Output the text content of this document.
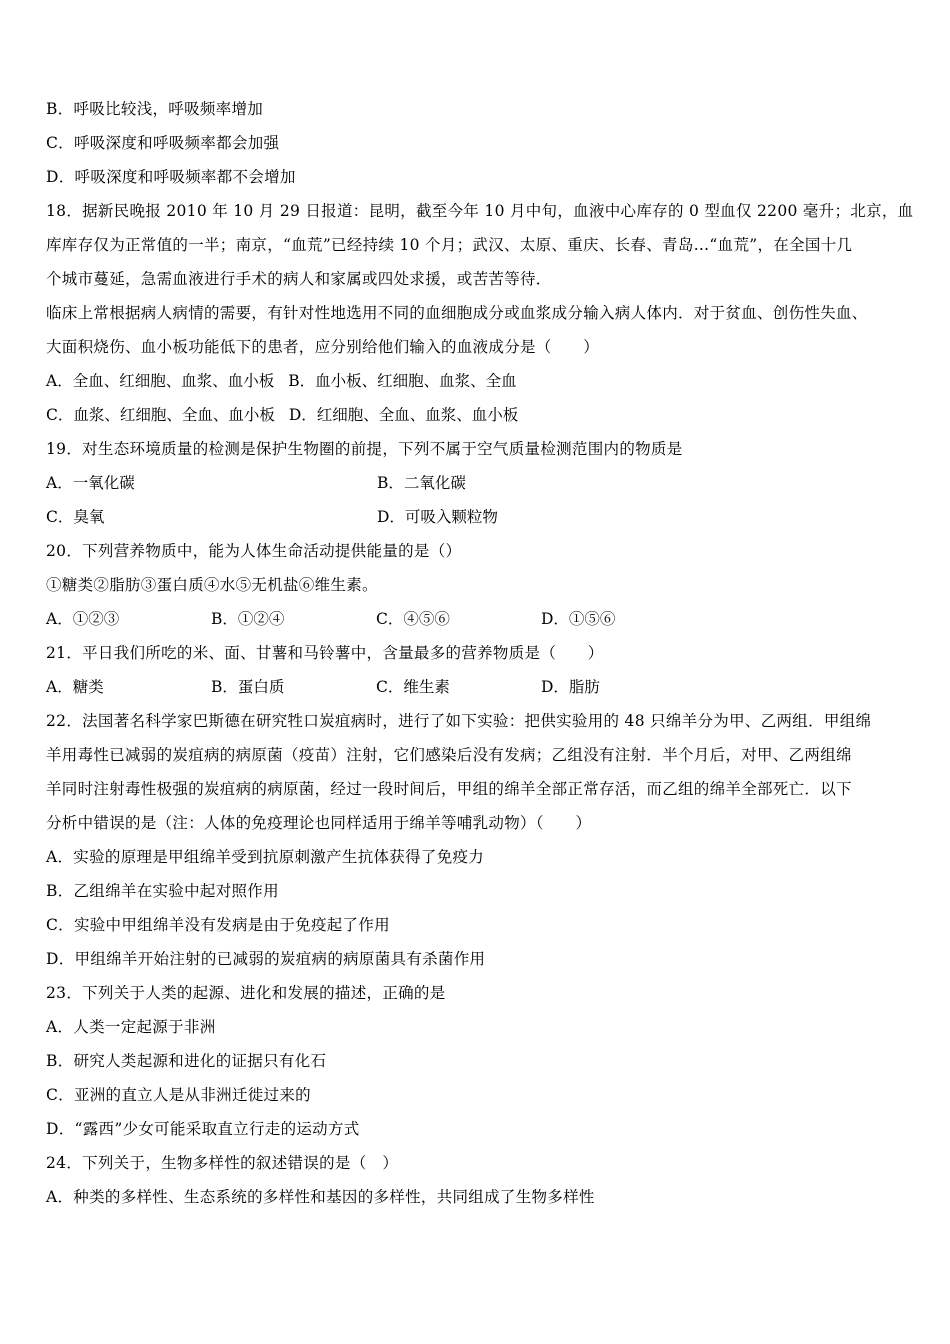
B．呼吸比较浅，呼吸频率增加
C．呼吸深度和呼吸频率都会加强
D．呼吸深度和呼吸频率都不会增加
18．据新民晚报 2010 年 10 月 29 日报道：昆明，截至今年 10 月中旬，血液中心库存的 0 型血仅 2200 毫升；北京，血
库库存仅为正常值的一半；南京，“血荒”已经持续 10 个月；武汉、太原、重庆、长春、青岛…“血荒”，在全国十几
个城市蔓延，急需血液进行手术的病人和家属或四处求援，或苦苦等待．
临床上常根据病人病情的需要，有针对性地选用不同的血细胞成分或血浆成分输入病人体内．对于贫血、创伤性失血、
大面积烧伤、血小板功能低下的患者，应分别给他们输入的血液成分是（　　）
A．全血、红细胞、血浆、血小板 B．血小板、红细胞、血浆、全血
C．血浆、红细胞、全血、血小板 D．红细胞、全血、血浆、血小板
19．对生态环境质量的检测是保护生物圈的前提，下列不属于空气质量检测范围内的物质是
A．一氧化碳	B．二氧化碳
C．臭氧	D．可吸入颗粒物
20．下列营养物质中，能为人体生命活动提供能量的是（）
①糖类②脂肪③蛋白质④水⑤无机盐⑥维生素。
A．①②③	B．①②④	C．④⑤⑥	D．①⑤⑥
21．平日我们所吃的米、面、甘薯和马铃薯中，含量最多的营养物质是（　　）
A．糖类	B．蛋白质	C．维生素	D．脂肪
22．法国著名科学家巴斯德在研究牲口炭疽病时，进行了如下实验：把供实验用的 48 只绵羊分为甲、乙两组．甲组绵
羊用毒性已减弱的炭疽病的病原菌（疫苗）注射，它们感染后没有发病；乙组没有注射．半个月后，对甲、乙两组绵
羊同时注射毒性极强的炭疽病的病原菌，经过一段时间后，甲组的绵羊全部正常存活，而乙组的绵羊全部死亡．以下
分析中错误的是（注：人体的免疫理论也同样适用于绵羊等哺乳动物）（　　）
A．实验的原理是甲组绵羊受到抗原刺激产生抗体获得了免疫力
B．乙组绵羊在实验中起对照作用
C．实验中甲组绵羊没有发病是由于免疫起了作用
D．甲组绵羊开始注射的已减弱的炭疽病的病原菌具有杀菌作用
23．下列关于人类的起源、进化和发展的描述，正确的是
A．人类一定起源于非洲
B．研究人类起源和进化的证据只有化石
C．亚洲的直立人是从非洲迁徙过来的
D．“露西”少女可能采取直立行走的运动方式
24．下列关于，生物多样性的叙述错误的是（　）
A．种类的多样性、生态系统的多样性和基因的多样性，共同组成了生物多样性
